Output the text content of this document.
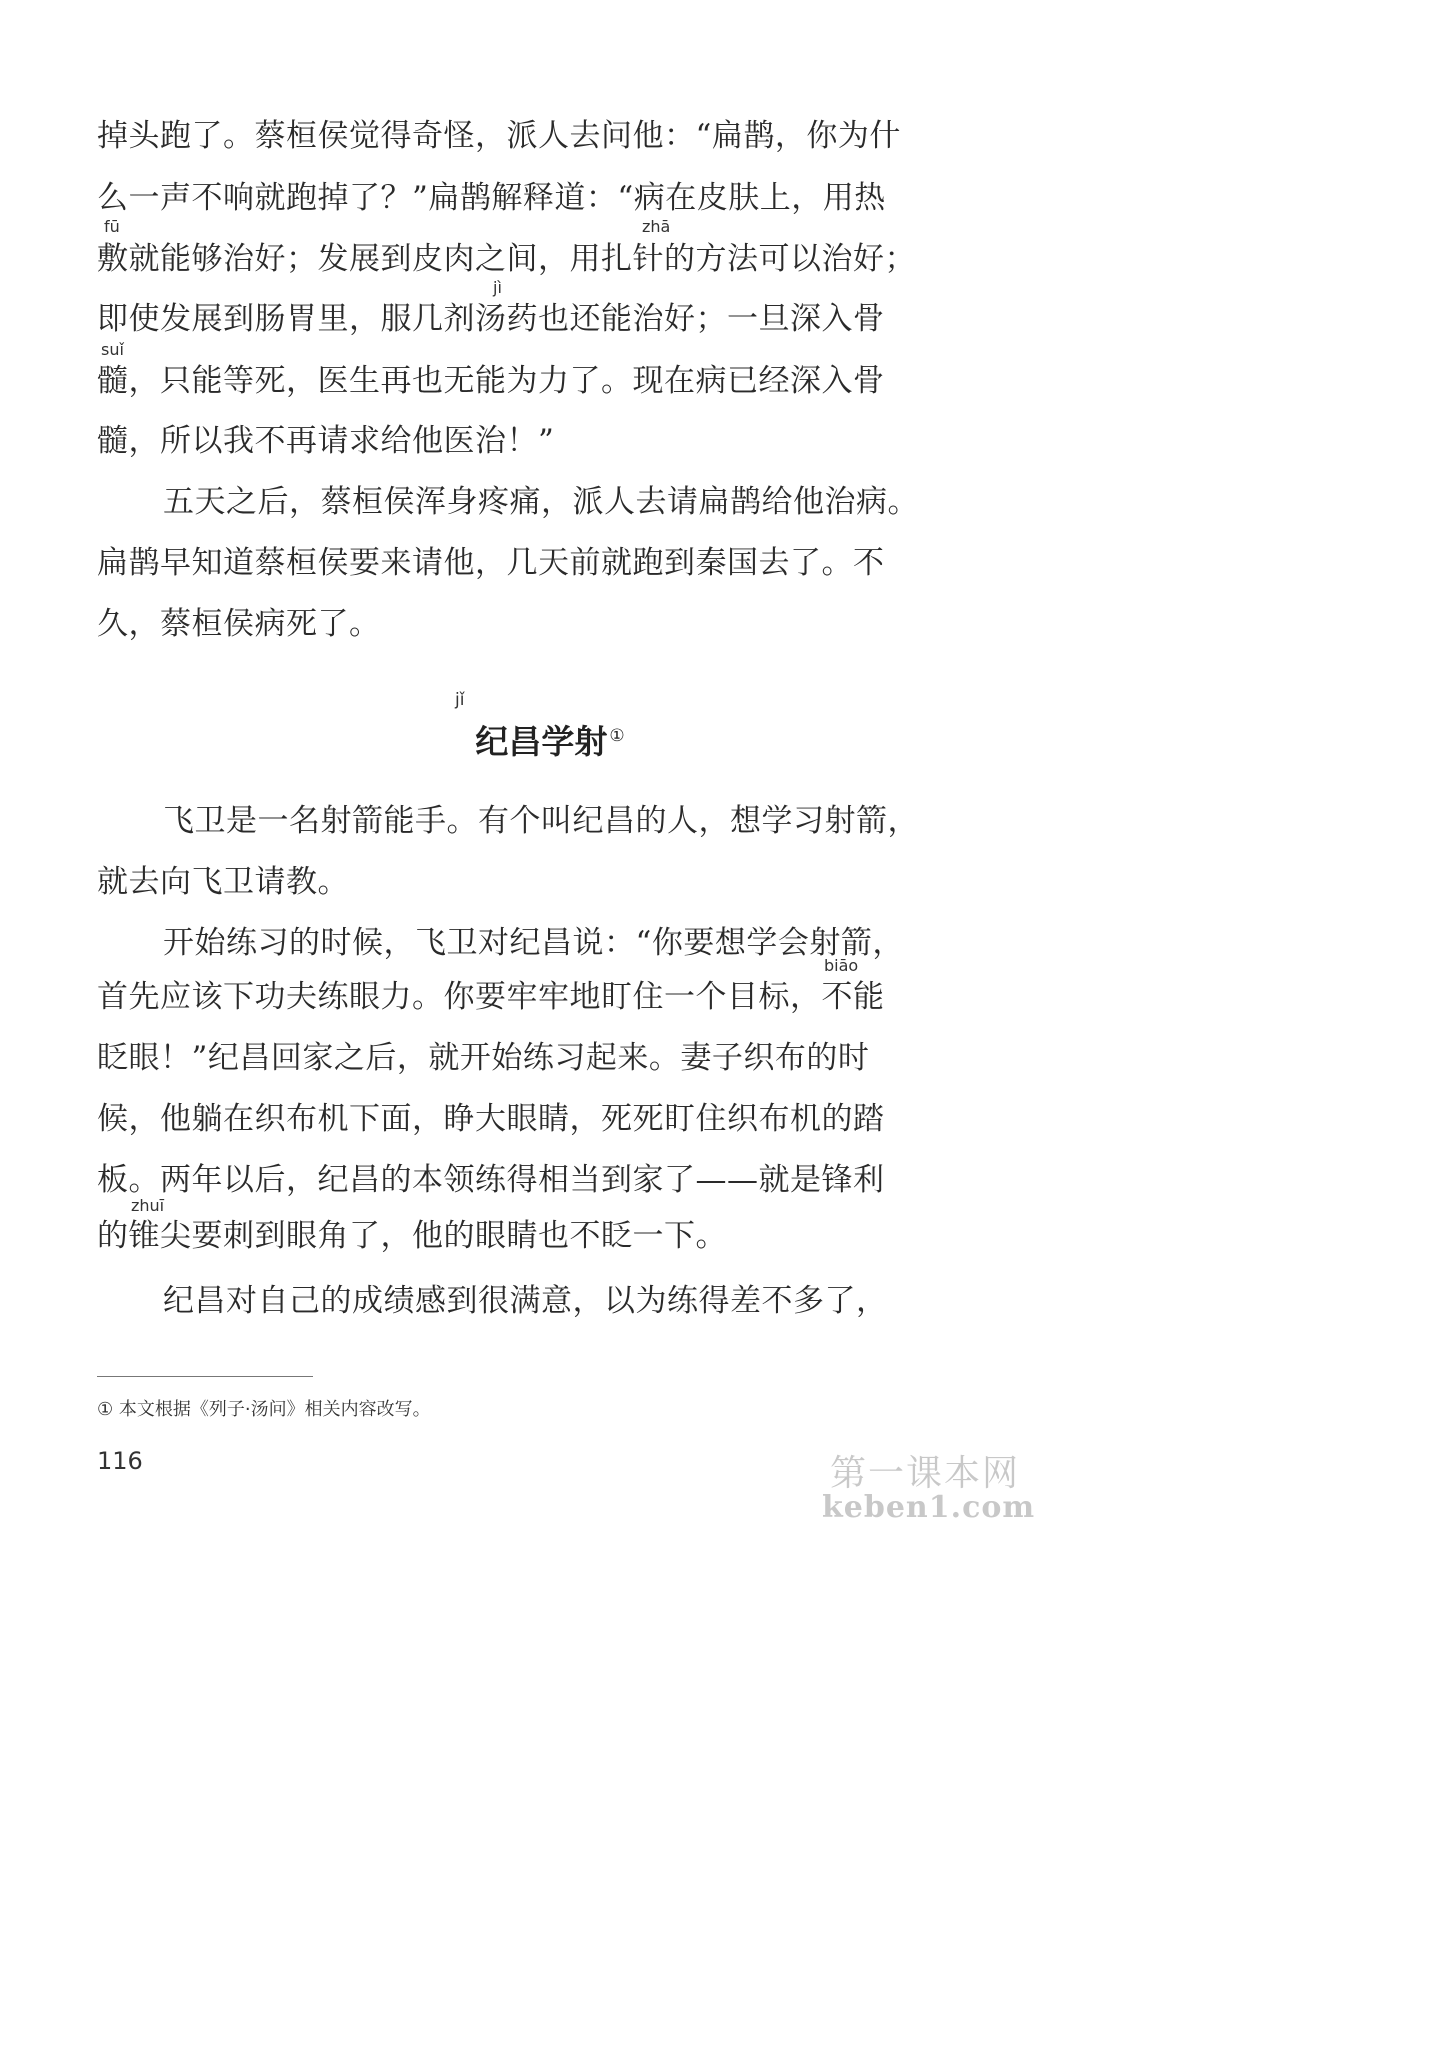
掉头跑了。蔡桓侯觉得奇怪，派人去问他：“扁鹊，你为什
么一声不响就跑掉了？”扁鹊解释道：“病在皮肤上，用热
fū	zhā
敷就能够治好；发展到皮肉之间，用扎针的方法可以治好；
jì
即使发展到肠胃里，服几剂汤药也还能治好；一旦深入骨
suǐ
髓，只能等死，医生再也无能为力了。现在病已经深入骨
髓，所以我不再请求给他医治！”
五天之后，蔡桓侯浑身疼痛，派人去请扁鹊给他治病。
扁鹊早知道蔡桓侯要来请他，几天前就跑到秦国去了。不
久，蔡桓侯病死了。
jǐ
纪昌学射 ①
飞卫是一名射箭能手。有个叫纪昌的人，想学习射箭，
就去向飞卫请教。
开始练习的时候，飞卫对纪昌说：“你要想学会射箭，
biāo
首先应该下功夫练眼力。你要牢牢地盯住一个目标，不能
眨眼！”纪昌回家之后，就开始练习起来。妻子织布的时
候，他躺在织布机下面，睁大眼睛，死死盯住织布机的踏
板。两年以后，纪昌的本领练得相当到家了——就是锋利
zhuī
的锥尖要刺到眼角了，他的眼睛也不眨一下。
纪昌对自己的成绩感到很满意，以为练得差不多了，
① 本文根据《列子·汤问》相关内容改写。
116	第一课本网
keben1.com
